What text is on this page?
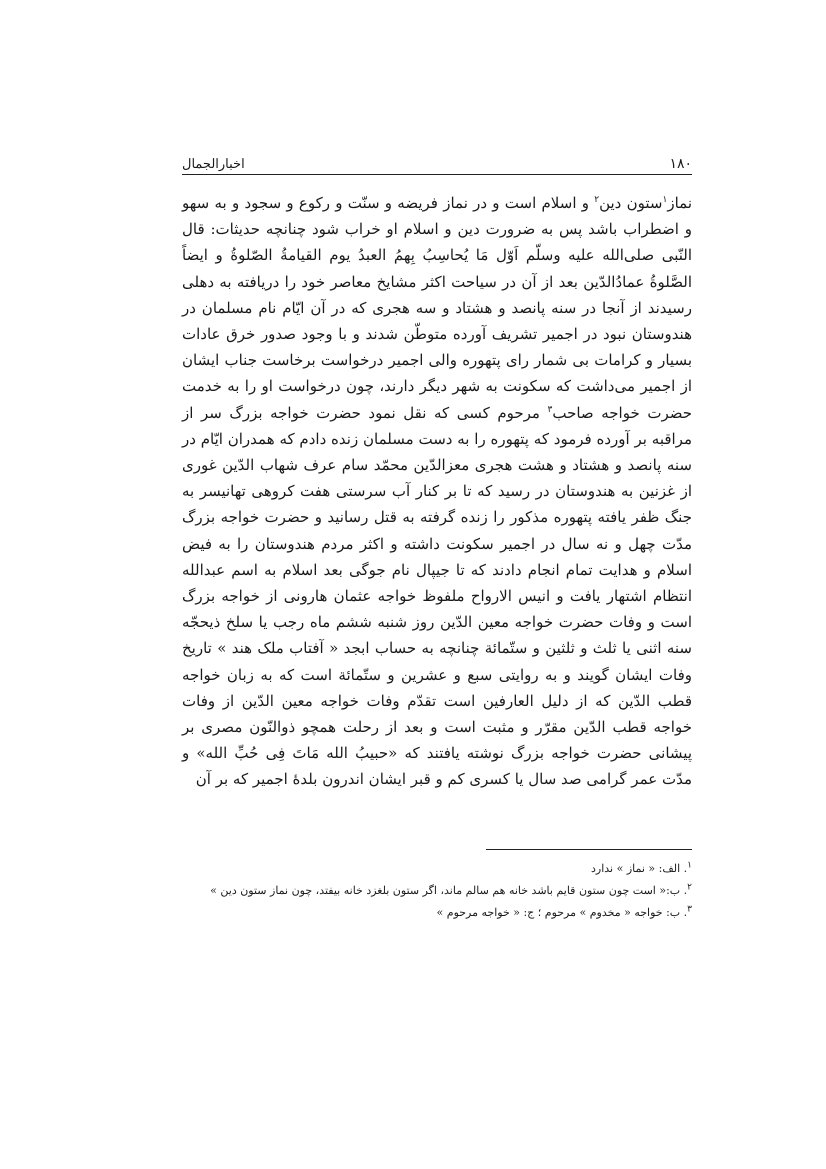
اخبارالجمال	۱۸۰

نماز$^۱$ستون دین$^۲$ و اسلام است و در نماز فریضه و سنّت و رکوع و سجود و به سهو و اضطراب باشد پس به ضرورت دین و اسلام او خراب شود چنانچه حدیثات: قال النّبی صلی‌الله علیه وسلّم اَوّل مَا یُحاسِبُ بِهمُ العبدُ یوم القیامةُ الصّلوةُ و ایضاً الصَّلوةُ عمادُالدّین بعد از آن در سیاحت اکثر مشایخ معاصر خود را دریافته به دهلی رسیدند از آنجا در سنه پانصد و هشتاد و سه هجری که در آن ایّام نام مسلمان در هندوستان نبود در اجمیر تشریف آورده متوطّن شدند و با وجود صدور خرق عادات بسیار و کرامات بی شمار رای پتهوره والی اجمیر درخواست برخاست جناب ایشان از اجمیر می‌داشت که سکونت به شهر دیگر دارند، چون درخواست او را به خدمت حضرت خواجه صاحب$^۳$ مرحوم کسی که نقل نمود حضرت خواجه بزرگ سر از مراقبه بر آورده فرمود که پتهوره را به دست مسلمان زنده دادم که همدران ایّام در سنه پانصد و هشتاد و هشت هجری معزالدّین محمّد سام عرف شهاب الدّین غوری از غزنین به هندوستان در رسید که تا بر کنار آب سرستی هفت کروهی تهانیسر به جنگ ظفر یافته پتهوره مذکور را زنده گرفته به قتل رسانید و حضرت خواجه بزرگ مدّت چهل و نه سال در اجمیر سکونت داشته و اکثر مردم هندوستان را به فیض اسلام و هدایت تمام انجام دادند که تا جیپال نام جوگی بعد اسلام به اسم عبدالله انتظام اشتهار یافت و انیس الارواح ملفوظ خواجه عثمان هارونی از خواجه بزرگ است و وفات حضرت خواجه معین الدّین روز شنبه ششم ماه رجب یا سلخ ذیحجّه سنه اثنی یا ثلث و ثلثین و ستّمائة چنانچه به حساب ابجد « آفتاب ملک هند » تاریخ وفات ایشان گویند و به روایتی سبع و عشرین و ستّمائة است که به زبان خواجه قطب الدّین که از دلیل العارفین است تقدّم وفات خواجه معین الدّین از وفات خواجه قطب الدّین مقرّر و مثبت است و بعد از رحلت همچو ذوالنّون مصری بر پیشانی حضرت خواجه بزرگ نوشته یافتند که «حبیبُ الله مَاتَ فِی حُبِّ الله» و مدّت عمر گرامی صد سال یا کسری کم و قبر ایشان اندرون بلدهٔ اجمیر که بر آن

$^۱$. الف: « نماز » ندارد

$^۲$. ب:« است چون ستون قایم باشد خانه هم سالم ماند، اگر ستون بلغزد خانه بیفتد، چون نماز ستون دین »

$^۳$. ب: خواجه « مخدوم » مرحوم ؛ ج: « خواجه مرحوم »
